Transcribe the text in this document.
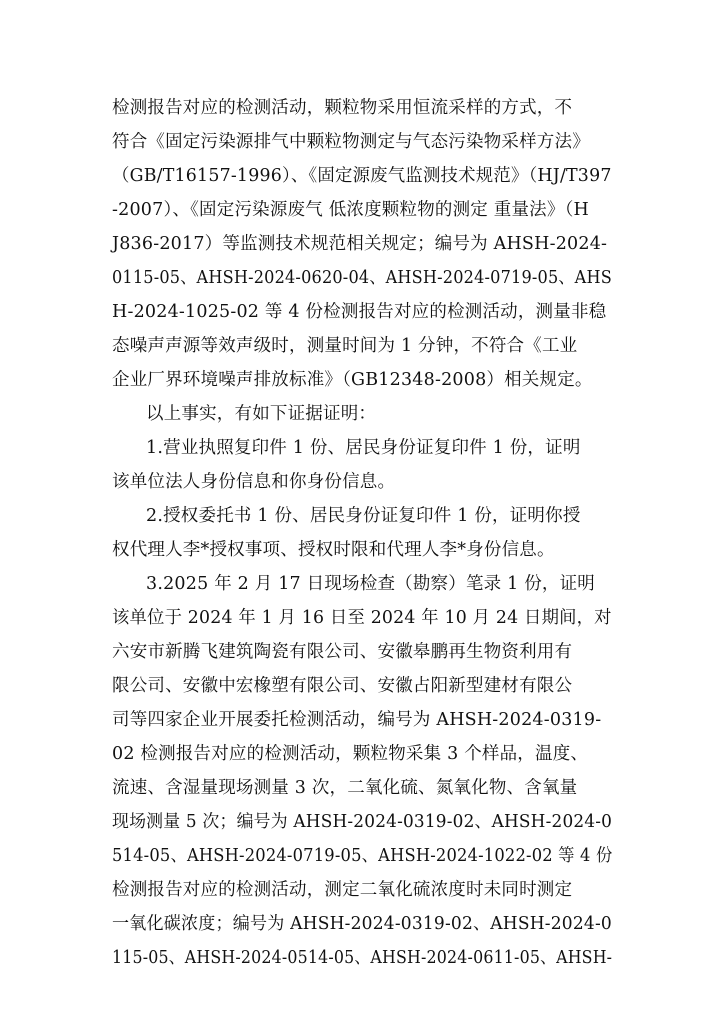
检测报告对应的检测活动，颗粒物采用恒流采样的方式，不
符合《固定污染源排气中颗粒物测定与气态污染物采样方法》
（GB/T16157-1996）、《固定源废气监测技术规范》（HJ/T397
-2007）、《固定污染源废气 低浓度颗粒物的测定 重量法》（H
J836-2017）等监测技术规范相关规定；编号为 AHSH-2024-
0115-05、AHSH-2024-0620-04、AHSH-2024-0719-05、AHS
H-2024-1025-02 等 4 份检测报告对应的检测活动，测量非稳
态噪声声源等效声级时，测量时间为 1 分钟，不符合《工业
企业厂界环境噪声排放标准》（GB12348-2008）相关规定。
以上事实，有如下证据证明：
1.营业执照复印件 1 份、居民身份证复印件 1 份，证明
该单位法人身份信息和你身份信息。
2.授权委托书 1 份、居民身份证复印件 1 份，证明你授
权代理人李*授权事项、授权时限和代理人李*身份信息。
3.2025 年 2 月 17 日现场检查（勘察）笔录 1 份，证明
该单位于 2024 年 1 月 16 日至 2024 年 10 月 24 日期间，对
六安市新腾飞建筑陶瓷有限公司、安徽皋鹏再生物资利用有
限公司、安徽中宏橡塑有限公司、安徽占阳新型建材有限公
司等四家企业开展委托检测活动，编号为 AHSH-2024-0319-
02 检测报告对应的检测活动，颗粒物采集 3 个样品，温度、
流速、含湿量现场测量 3 次，二氧化硫、氮氧化物、含氧量
现场测量 5 次；编号为 AHSH-2024-0319-02、AHSH-2024-0
514-05、AHSH-2024-0719-05、AHSH-2024-1022-02 等 4 份
检测报告对应的检测活动，测定二氧化硫浓度时未同时测定
一氧化碳浓度；编号为 AHSH-2024-0319-02、AHSH-2024-0
115-05、AHSH-2024-0514-05、AHSH-2024-0611-05、AHSH-
